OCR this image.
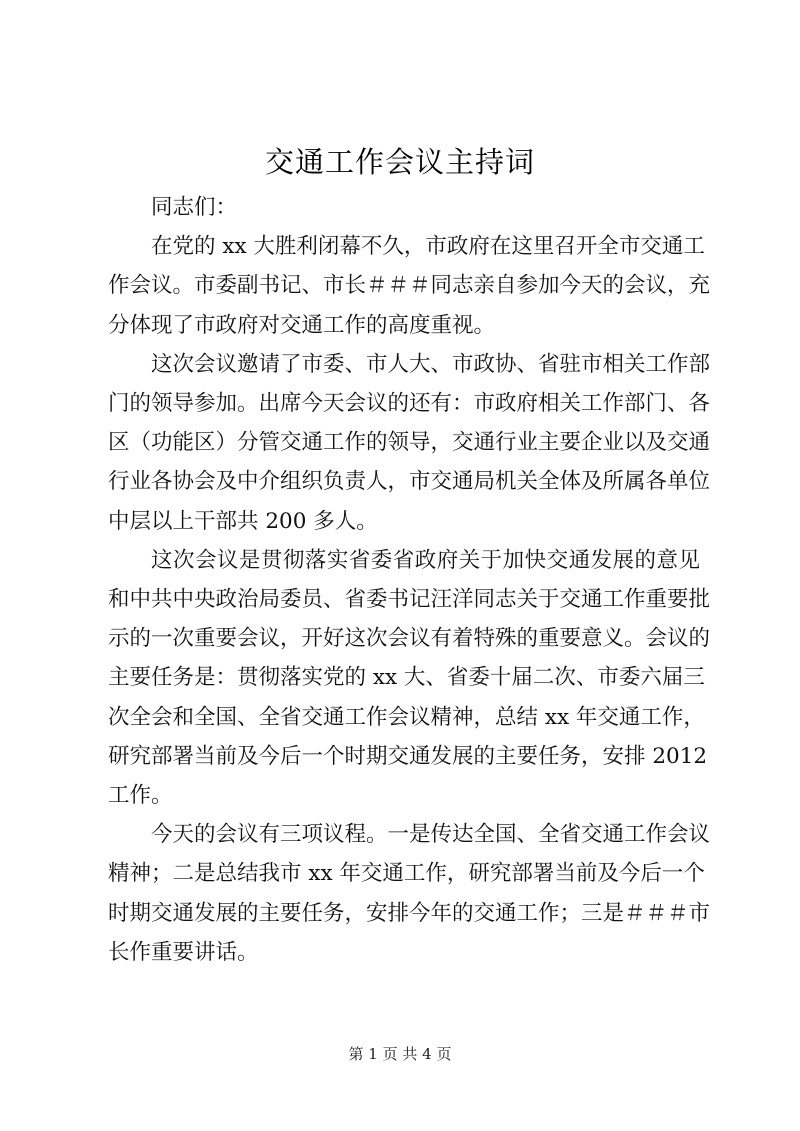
交通工作会议主持词
同志们：
在党的 xx 大胜利闭幕不久，市政府在这里召开全市交通工
作会议。市委副书记、市长＃＃＃同志亲自参加今天的会议，充
分体现了市政府对交通工作的高度重视。
这次会议邀请了市委、市人大、市政协、省驻市相关工作部
门的领导参加。出席今天会议的还有：市政府相关工作部门、各
区（功能区）分管交通工作的领导，交通行业主要企业以及交通
行业各协会及中介组织负责人，市交通局机关全体及所属各单位
中层以上干部共 200 多人。
这次会议是贯彻落实省委省政府关于加快交通发展的意见
和中共中央政治局委员、省委书记汪洋同志关于交通工作重要批
示的一次重要会议，开好这次会议有着特殊的重要意义。会议的
主要任务是：贯彻落实党的 xx 大、省委十届二次、市委六届三
次全会和全国、全省交通工作会议精神，总结 xx 年交通工作，
研究部署当前及今后一个时期交通发展的主要任务，安排 2012
工作。
今天的会议有三项议程。一是传达全国、全省交通工作会议
精神；二是总结我市 xx 年交通工作，研究部署当前及今后一个
时期交通发展的主要任务，安排今年的交通工作；三是＃＃＃市
长作重要讲话。
第 1 页 共 4 页
